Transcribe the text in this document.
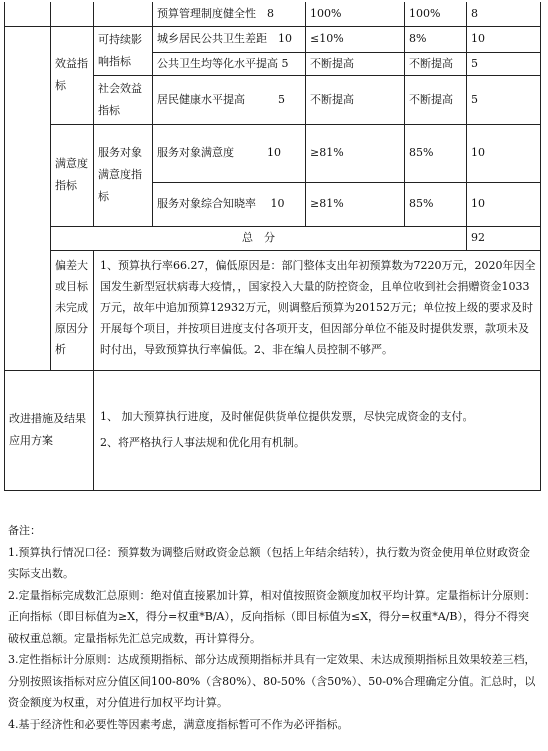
			预算管理制度健全性　 8	100%	100%	8
	效益指标	可持续影响指标	城乡居民公共卫生差距　 10	≤10%	8%	10
			公共卫生均等化水平提高 5	不断提高	不断提高	5
		社会效益指标	居民健康水平提高　　　 5	不断提高	不断提高	5
	满意度指标	服务对象满意度指标	服务对象满意度　　　 10	≥81%	85%	10
			服务对象综合知晓率　 10	≥81%	85%	10
	总　分					92
	偏差大或目标未完成原因分析	1、预算执行率66.27，偏低原因是：部门整体支出年初预算数为7220万元，2020年因全国发生新型冠状病毒大疫情，，国家投入大量的防控资金，且单位收到社会捐赠资金1033万元，故年中追加预算12932万元，则调整后预算为20152万元；单位按上级的要求及时开展每个项目，并按项目进度支付各项开支，但因部分单位不能及时提供发票，款项未及时付出，导致预算执行率偏低。2、非在编人员控制不够严。				
改进措施及结果应用方案		1、 加大预算执行进度，及时催促供货单位提供发票，尽快完成资金的支付。
2、将严格执行人事法规和优化用有机制。				

备注：

1.预算执行情况口径：预算数为调整后财政资金总额（包括上年结余结转），执行数为资金使用单位财政资金实际支出数。

2.定量指标完成数汇总原则：绝对值直接累加计算，相对值按照资金额度加权平均计算。定量指标计分原则：正向指标（即目标值为≥X，得分=权重*B/A），反向指标（即目标值为≤X，得分=权重*A/B），得分不得突破权重总额。定量指标先汇总完成数，再计算得分。

3.定性指标计分原则：达成预期指标、部分达成预期指标并具有一定效果、未达成预期指标且效果较差三档，分别按照该指标对应分值区间100-80%（含80%）、80-50%（含50%）、50-0%合理确定分值。汇总时，以资金额度为权重，对分值进行加权平均计算。

4.基于经济性和必要性等因素考虑，满意度指标暂可不作为必评指标。
